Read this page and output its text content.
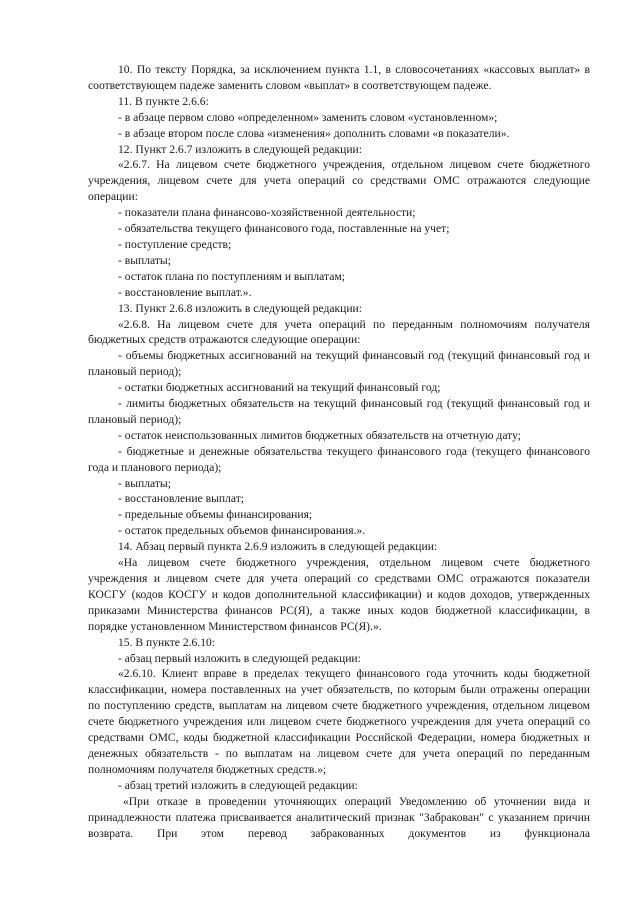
10. По тексту Порядка, за исключением пункта 1.1, в словосочетаниях «кассовых выплат» в соответствующем падеже заменить словом «выплат» в соответствующем падеже.

11. В пункте 2.6.6:

- в абзаце первом слово «определенном» заменить словом «установленном»;

- в абзаце втором после слова «изменения» дополнить словами «в показатели».

12. Пункт 2.6.7 изложить в следующей редакции:

«2.6.7. На лицевом счете бюджетного учреждения, отдельном лицевом счете бюджетного учреждения, лицевом счете для учета операций со средствами ОМС отражаются следующие операции:

- показатели плана финансово-хозяйственной деятельности;

- обязательства текущего финансового года, поставленные на учет;

- поступление средств;

- выплаты;

- остаток плана по поступлениям и выплатам;

- восстановление выплат.».

13. Пункт 2.6.8 изложить в следующей редакции:

«2.6.8. На лицевом счете для учета операций по переданным полномочиям получателя бюджетных средств отражаются следующие операции:

- объемы бюджетных ассигнований на текущий финансовый год (текущий финансовый год и плановый период);

- остатки бюджетных ассигнований на текущий финансовый год;

- лимиты бюджетных обязательств на текущий финансовый год (текущий финансовый год и плановый период);

- остаток неиспользованных лимитов бюджетных обязательств на отчетную дату;

- бюджетные и денежные обязательства текущего финансового года (текущего финансового года и планового периода);

- выплаты;

- восстановление выплат;

- предельные объемы финансирования;

- остаток предельных объемов финансирования.».

14. Абзац первый пункта 2.6.9 изложить в следующей редакции:

«На лицевом счете бюджетного учреждения, отдельном лицевом счете бюджетного учреждения и лицевом счете для учета операций со средствами ОМС отражаются показатели КОСГУ (кодов КОСГУ и кодов дополнительной классификации) и кодов доходов, утвержденных приказами Министерства финансов РС(Я), а также иных кодов бюджетной классификации, в порядке установленном Министерством финансов РС(Я).».

15. В пункте 2.6.10:

- абзац первый изложить в следующей редакции:

«2.6.10. Клиент вправе в пределах текущего финансового года уточнить коды бюджетной классификации, номера поставленных на учет обязательств, по которым были отражены операции по поступлению средств, выплатам на лицевом счете бюджетного учреждения, отдельном лицевом счете бюджетного учреждения или лицевом счете бюджетного учреждения для учета операций со средствами ОМС, коды бюджетной классификации Российской Федерации, номера бюджетных и денежных обязательств - по выплатам на лицевом счете для учета операций по переданным полномочиям получателя бюджетных средств.»;

- абзац третий изложить в следующей редакции:

«При отказе в проведении уточняющих операций Уведомлению об уточнении вида и принадлежности платежа присваивается аналитический признак "Забракован" с указанием причин возврата. При этом перевод забракованных документов из функционала
